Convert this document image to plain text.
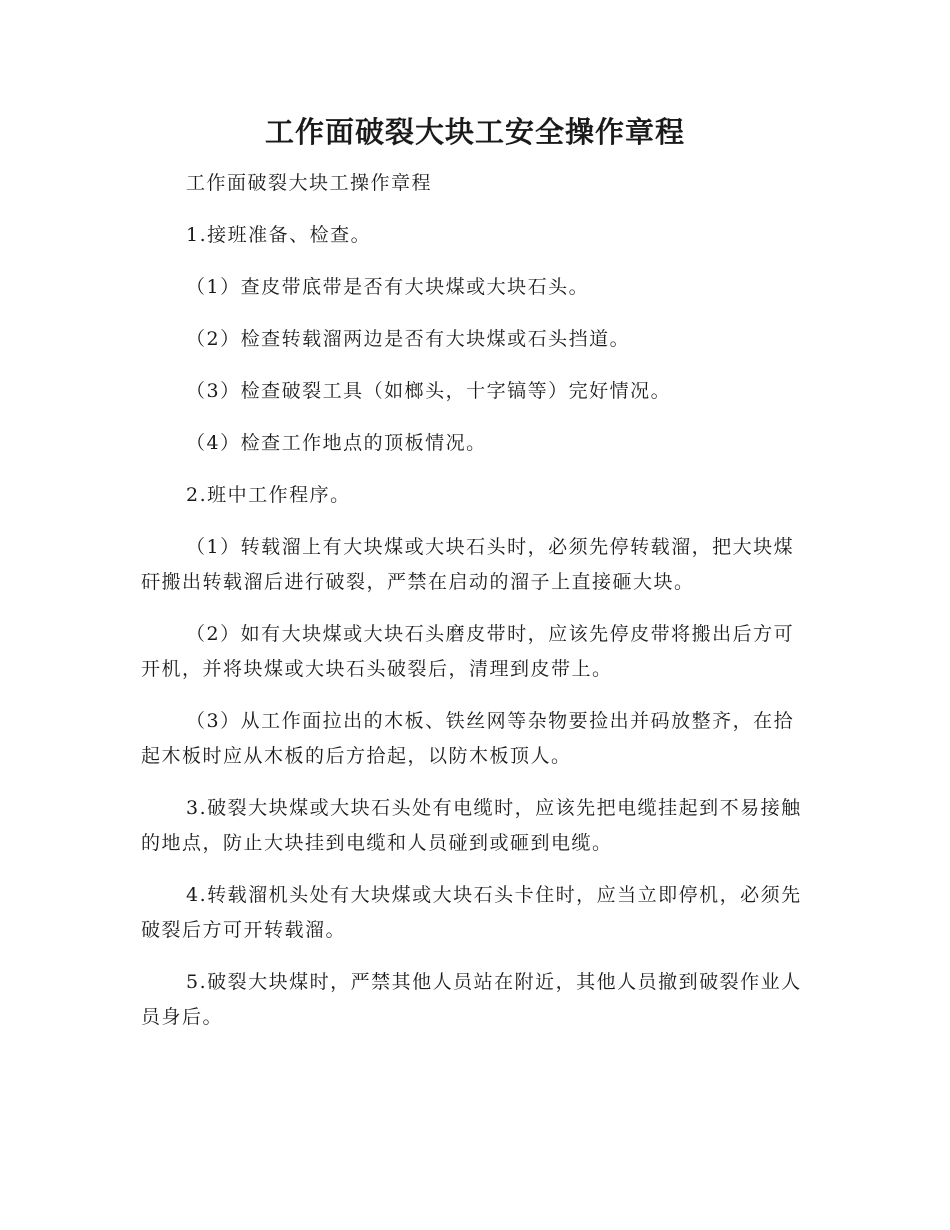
工作面破裂大块工安全操作章程

工作面破裂大块工操作章程

1.接班准备、检查。

（1）查皮带底带是否有大块煤或大块石头。

（2）检查转载溜两边是否有大块煤或石头挡道。

（3）检查破裂工具（如榔头，十字镐等）完好情况。

（4）检查工作地点的顶板情况。

2.班中工作程序。

（1）转载溜上有大块煤或大块石头时，必须先停转载溜，把大块煤矸搬出转载溜后进行破裂，严禁在启动的溜子上直接砸大块。

（2）如有大块煤或大块石头磨皮带时，应该先停皮带将搬出后方可开机，并将块煤或大块石头破裂后，清理到皮带上。

（3）从工作面拉出的木板、铁丝网等杂物要捡出并码放整齐，在拾起木板时应从木板的后方拾起，以防木板顶人。

3.破裂大块煤或大块石头处有电缆时，应该先把电缆挂起到不易接触的地点，防止大块挂到电缆和人员碰到或砸到电缆。

4.转载溜机头处有大块煤或大块石头卡住时，应当立即停机，必须先破裂后方可开转载溜。

5.破裂大块煤时，严禁其他人员站在附近，其他人员撤到破裂作业人员身后。
